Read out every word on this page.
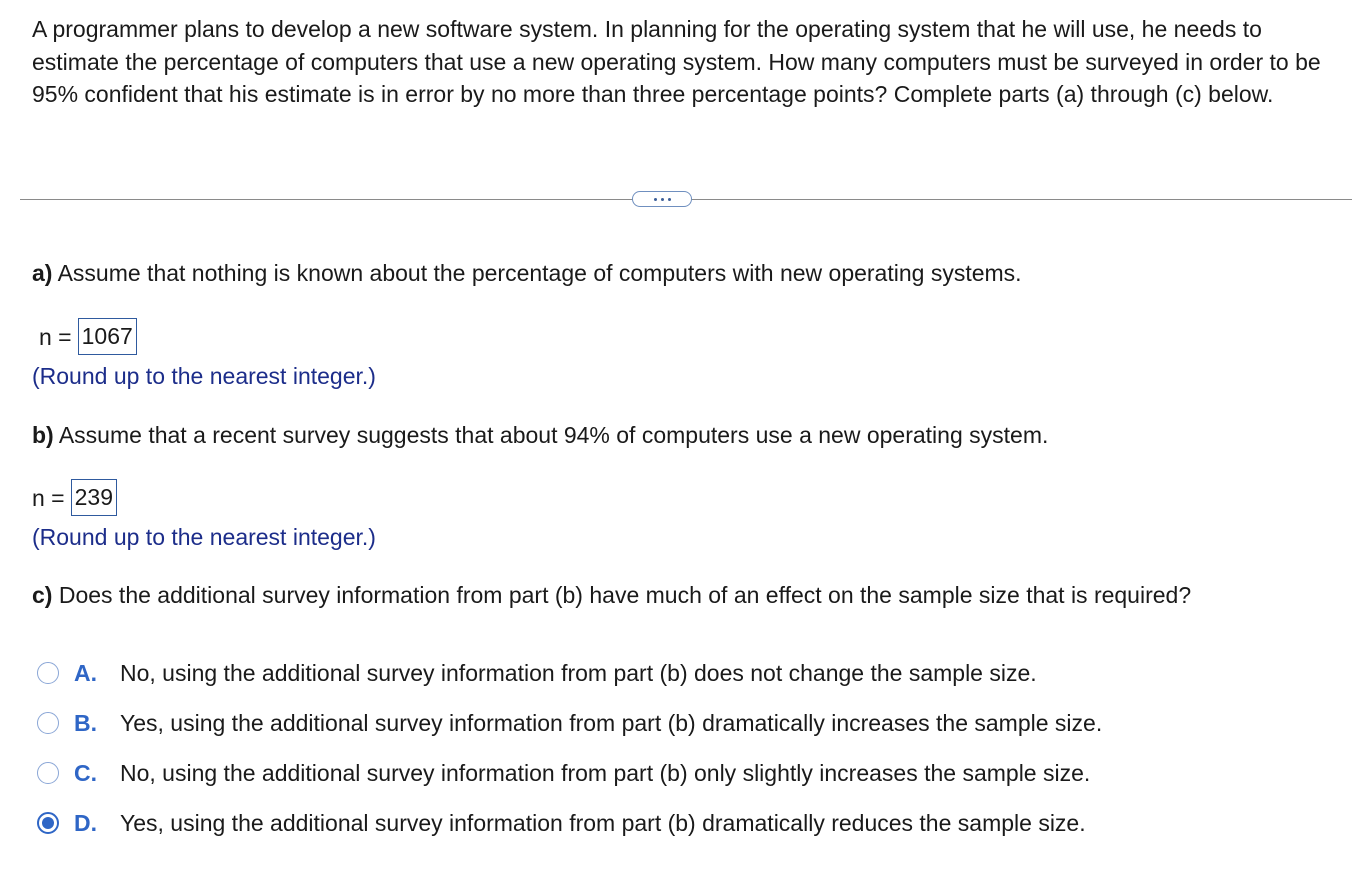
A programmer plans to develop a new software system. In planning for the operating system that he will use, he needs to estimate the percentage of computers that use a new operating system. How many computers must be surveyed in order to be 95% confident that his estimate is in error by no more than three percentage points? Complete parts (a) through (c) below.

a) Assume that nothing is known about the percentage of computers with new operating systems.

n = 1067

(Round up to the nearest integer.)

b) Assume that a recent survey suggests that about 94% of computers use a new operating system.

n = 239

(Round up to the nearest integer.)

c) Does the additional survey information from part (b) have much of an effect on the sample size that is required?

A.	No, using the additional survey information from part (b) does not change the sample size.
B.	Yes, using the additional survey information from part (b) dramatically increases the sample size.
C.	No, using the additional survey information from part (b) only slightly increases the sample size.
D.	Yes, using the additional survey information from part (b) dramatically reduces the sample size.
